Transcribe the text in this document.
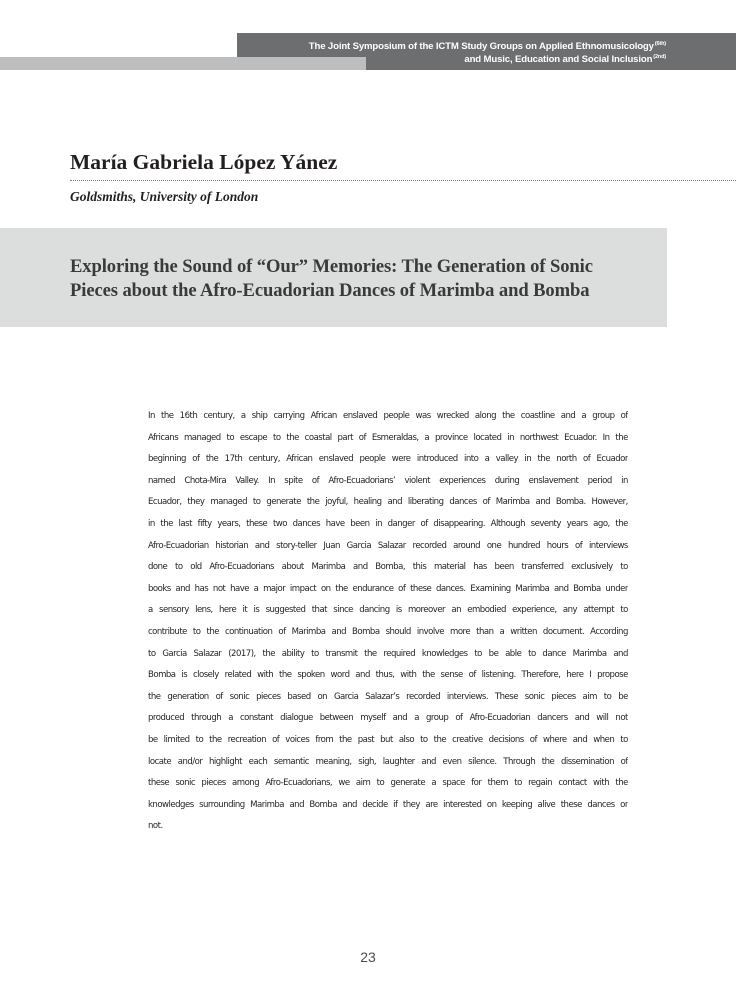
The Joint Symposium of the ICTM Study Groups on Applied Ethnomusicology$^{(6th)}$
and Music, Education and Social Inclusion$^{(2nd)}$
María Gabriela López Yánez
Goldsmiths, University of London
Exploring the Sound of “Our” Memories: The Generation of Sonic
Pieces about the Afro-Ecuadorian Dances of Marimba and Bomba
In the 16th century, a ship carrying African enslaved people was wrecked along the coastline and a group of
Africans managed to escape to the coastal part of Esmeraldas, a province located in northwest Ecuador. In the
beginning of the 17th century, African enslaved people were introduced into a valley in the north of Ecuador
named Chota-Mira Valley. In spite of Afro-Ecuadorians’ violent experiences during enslavement period in
Ecuador, they managed to generate the joyful, healing and liberating dances of Marimba and Bomba. However,
in the last fifty years, these two dances have been in danger of disappearing. Although seventy years ago, the
Afro-Ecuadorian historian and story-teller Juan Garcia Salazar recorded around one hundred hours of interviews
done to old Afro-Ecuadorians about Marimba and Bomba, this material has been transferred exclusively to
books and has not have a major impact on the endurance of these dances. Examining Marimba and Bomba under
a sensory lens, here it is suggested that since dancing is moreover an embodied experience, any attempt to
contribute to the continuation of Marimba and Bomba should involve more than a written document. According
to Garcia Salazar (2017), the ability to transmit the required knowledges to be able to dance Marimba and
Bomba is closely related with the spoken word and thus, with the sense of listening. Therefore, here I propose
the generation of sonic pieces based on Garcia Salazar’s recorded interviews. These sonic pieces aim to be
produced through a constant dialogue between myself and a group of Afro-Ecuadorian dancers and will not
be limited to the recreation of voices from the past but also to the creative decisions of where and when to
locate and/or highlight each semantic meaning, sigh, laughter and even silence. Through the dissemination of
these sonic pieces among Afro-Ecuadorians, we aim to generate a space for them to regain contact with the
knowledges surrounding Marimba and Bomba and decide if they are interested on keeping alive these dances or
not.
23
